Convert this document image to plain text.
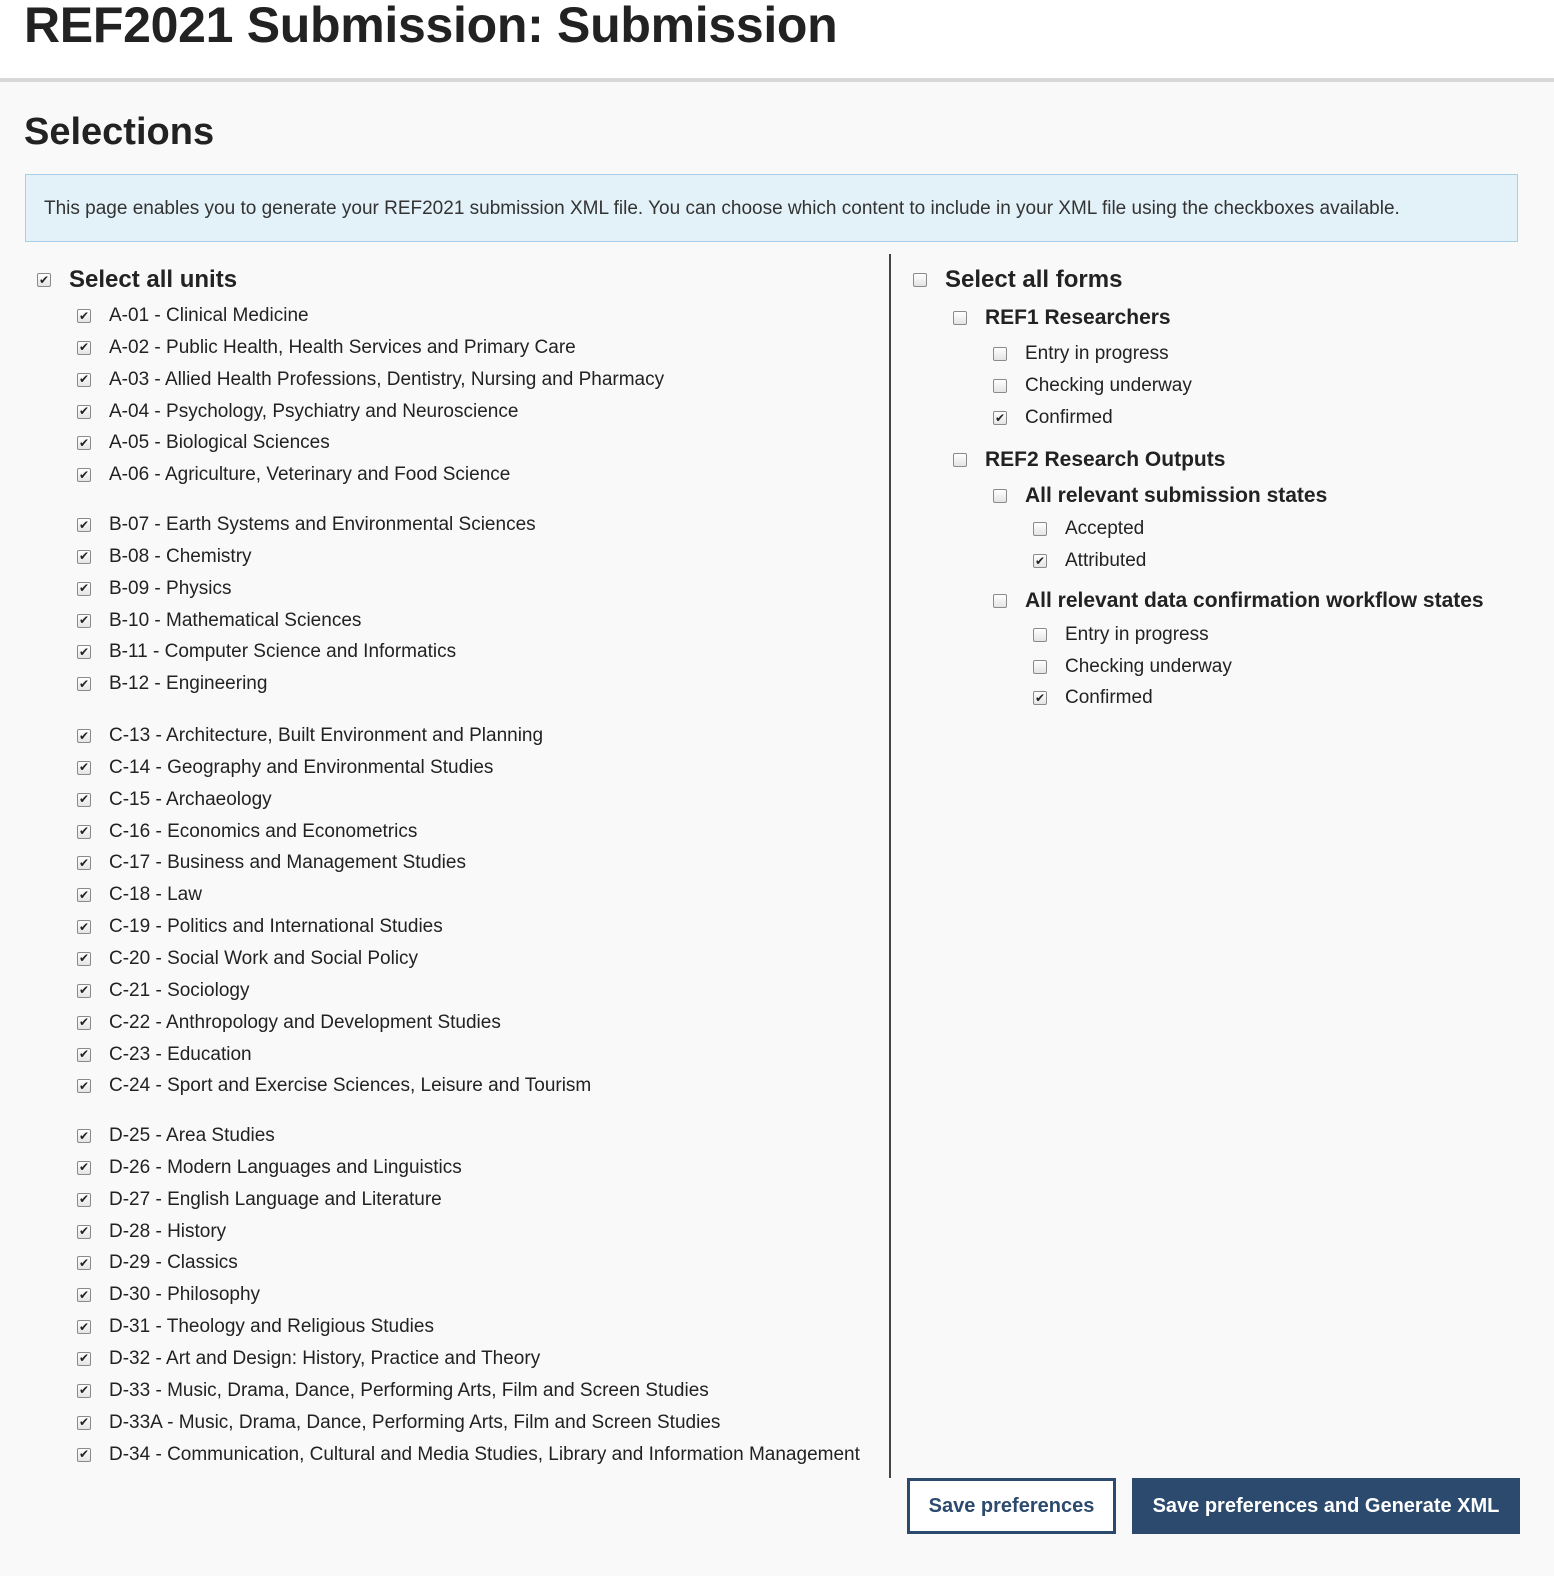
REF2021 Submission: Submission
Selections
This page enables you to generate your REF2021 submission XML file. You can choose which content to include in your XML file using the checkboxes available.
✔
Select all units
✔
A-01 - Clinical Medicine
✔
A-02 - Public Health, Health Services and Primary Care
✔
A-03 - Allied Health Professions, Dentistry, Nursing and Pharmacy
✔
A-04 - Psychology, Psychiatry and Neuroscience
✔
A-05 - Biological Sciences
✔
A-06 - Agriculture, Veterinary and Food Science
✔
B-07 - Earth Systems and Environmental Sciences
✔
B-08 - Chemistry
✔
B-09 - Physics
✔
B-10 - Mathematical Sciences
✔
B-11 - Computer Science and Informatics
✔
B-12 - Engineering
✔
C-13 - Architecture, Built Environment and Planning
✔
C-14 - Geography and Environmental Studies
✔
C-15 - Archaeology
✔
C-16 - Economics and Econometrics
✔
C-17 - Business and Management Studies
✔
C-18 - Law
✔
C-19 - Politics and International Studies
✔
C-20 - Social Work and Social Policy
✔
C-21 - Sociology
✔
C-22 - Anthropology and Development Studies
✔
C-23 - Education
✔
C-24 - Sport and Exercise Sciences, Leisure and Tourism
✔
D-25 - Area Studies
✔
D-26 - Modern Languages and Linguistics
✔
D-27 - English Language and Literature
✔
D-28 - History
✔
D-29 - Classics
✔
D-30 - Philosophy
✔
D-31 - Theology and Religious Studies
✔
D-32 - Art and Design: History, Practice and Theory
✔
D-33 - Music, Drama, Dance, Performing Arts, Film and Screen Studies
✔
D-33A - Music, Drama, Dance, Performing Arts, Film and Screen Studies
✔
D-34 - Communication, Cultural and Media Studies, Library and Information Management
Select all forms
REF1 Researchers
Entry in progress
Checking underway
✔
Confirmed
REF2 Research Outputs
All relevant submission states
Accepted
✔
Attributed
All relevant data confirmation workflow states
Entry in progress
Checking underway
✔
Confirmed
Save preferences	Save preferences and Generate XML
